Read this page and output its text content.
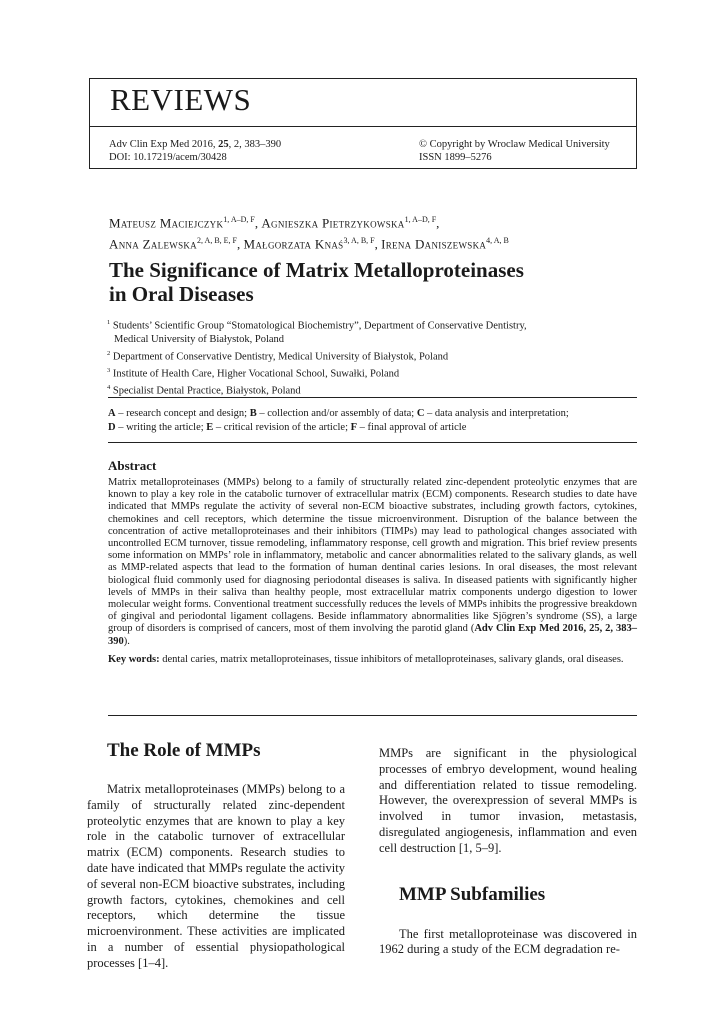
REVIEWS
Adv Clin Exp Med 2016, 25, 2, 383–390
DOI: 10.17219/acem/30428
© Copyright by Wroclaw Medical University
ISSN 1899–5276
Mateusz Maciejczyk$^{1, A-D, F}$, Agnieszka Pietrzykowska$^{1, A-D, F}$,
Anna Zalewska$^{2, A, B, E, F}$, Małgorzata Knaś$^{3, A, B, F}$, Irena Daniszewska$^{4, A, B}$
The Significance of Matrix Metalloproteinases
in Oral Diseases
$^1$ Students’ Scientific Group “Stomatological Biochemistry”, Department of Conservative Dentistry,
Medical University of Białystok, Poland
$^2$ Department of Conservative Dentistry, Medical University of Białystok, Poland
$^3$ Institute of Health Care, Higher Vocational School, Suwałki, Poland
$^4$ Specialist Dental Practice, Białystok, Poland
A – research concept and design; B – collection and/or assembly of data; C – data analysis and interpretation;
D – writing the article; E – critical revision of the article; F – final approval of article
Abstract
Matrix metalloproteinases (MMPs) belong to a family of structurally related zinc-dependent proteolytic enzymes that are known to play a key role in the catabolic turnover of extracellular matrix (ECM) components. Research studies to date have indicated that MMPs regulate the activity of several non-ECM bioactive substrates, including growth factors, cytokines, chemokines and cell receptors, which determine the tissue microenvironment. Disruption of the balance between the concentration of active metalloproteinases and their inhibitors (TIMPs) may lead to pathological changes associated with uncontrolled ECM turnover, tissue remodeling, inflammatory response, cell growth and migration. This brief review presents some information on MMPs’ role in inflammatory, metabolic and cancer abnormalities related to the salivary glands, as well as MMP-related aspects that lead to the formation of human dentinal caries lesions. In oral diseases, the most relevant biological fluid commonly used for diagnosing periodontal diseases is saliva. In diseased patients with significantly higher levels of MMPs in their saliva than healthy people, most extracellular matrix components undergo digestion to lower molecular weight forms. Conventional treatment successfully reduces the levels of MMPs inhibits the progressive breakdown of gingival and periodontal ligament collagens. Beside inflammatory abnormalities like Sjögren’s syndrome (SS), a large group of disorders is comprised of cancers, most of them involving the parotid gland (Adv Clin Exp Med 2016, 25, 2, 383–390).
Key words: dental caries, matrix metalloproteinases, tissue inhibitors of metalloproteinases, salivary glands, oral diseases.
The Role of MMPs
Matrix metalloproteinases (MMPs) belong to a family of structurally related zinc-dependent proteolytic enzymes that are known to play a key role in the catabolic turnover of extracellular matrix (ECM) components. Research studies to date have indicated that MMPs regulate the activity of several non-ECM bioactive substrates, including growth factors, cytokines, chemokines and cell receptors, which determine the tissue microenvironment. These activities are implicated in a number of essential physiopathological processes [1–4].
MMPs are significant in the physiological processes of embryo development, wound healing and differentiation related to tissue remodeling. However, the overexpression of several MMPs is involved in tumor invasion, metastasis, disregulated angiogenesis, inflammation and even cell destruction [1, 5–9].
MMP Subfamilies
The first metalloproteinase was discovered in 1962 during a study of the ECM degradation re-
